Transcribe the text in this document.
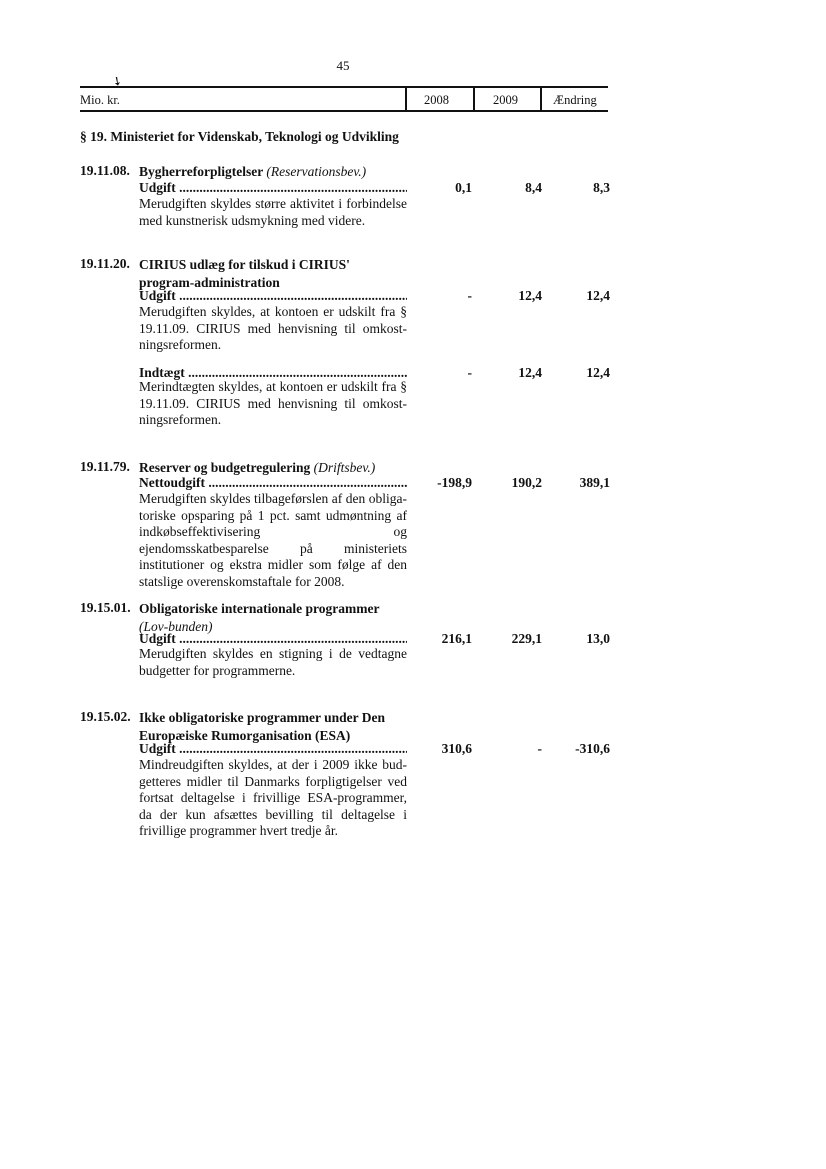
45
➘
Mio. kr.	2008	2009	Ændring
§ 19. Ministeriet for Videnskab, Teknologi og Udvikling
19.11.08. Bygherreforpligtelser (Reservationsbev.)
Udgift .....	0,1	8,4	8,3
Merudgiften skyldes større aktivitet i forbindelse med kunstnerisk udsmykning med videre.
19.11.20. CIRIUS udlæg for tilskud i CIRIUS' program-administration
Udgift .....	-	12,4	12,4
Merudgiften skyldes, at kontoen er udskilt fra § 19.11.09. CIRIUS med henvisning til omkost-ningsreformen.
Indtægt .....	-	12,4	12,4
Merindtægten skyldes, at kontoen er udskilt fra § 19.11.09. CIRIUS med henvisning til omkost-ningsreformen.
19.11.79. Reserver og budgetregulering (Driftsbev.)
Nettoudgift .....	-198,9	190,2	389,1
Merudgiften skyldes tilbageførslen af den obliga-toriske opsparing på 1 pct. samt udmøntning af indkøbseffektivisering og ejendomsskatbesparelse på ministeriets institutioner og ekstra midler som følge af den statslige overenskomstaftale for 2008.
19.15.01. Obligatoriske internationale programmer (Lov-bunden)
Udgift .....	216,1	229,1	13,0
Merudgiften skyldes en stigning i de vedtagne budgetter for programmerne.
19.15.02. Ikke obligatoriske programmer under Den Europæiske Rumorganisation (ESA)
Udgift .....	310,6	-	-310,6
Mindreudgiften skyldes, at der i 2009 ikke bud-getteres midler til Danmarks forpligtigelser ved fortsat deltagelse i frivillige ESA-programmer, da der kun afsættes bevilling til deltagelse i frivillige programmer hvert tredje år.
